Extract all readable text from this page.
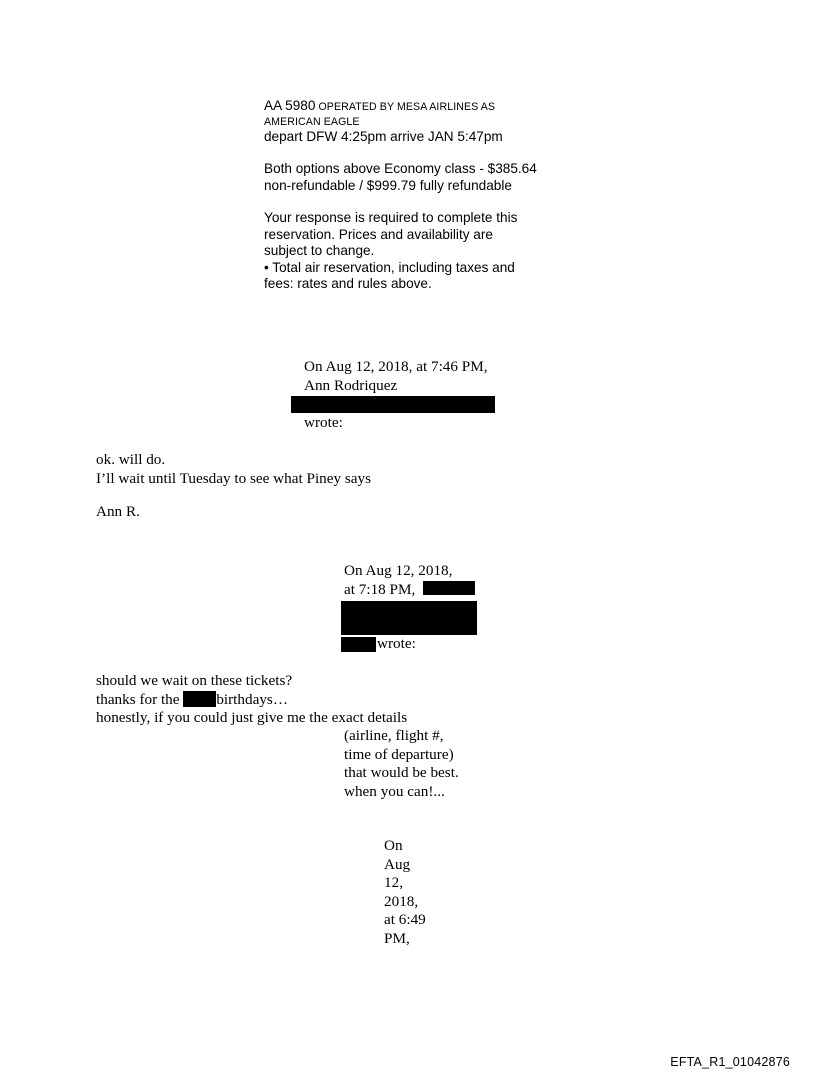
AA 5980 OPERATED BY MESA AIRLINES AS
AMERICAN EAGLE
depart DFW 4:25pm arrive JAN 5:47pm
Both options above Economy class - $385.64
non-refundable / $999.79 fully refundable
Your response is required to complete this
reservation. Prices and availability are
subject to change.
• Total air reservation, including taxes and
fees: rates and rules above.
On Aug 12, 2018, at 7:46 PM,
Ann Rodriquez
wrote:
ok. will do.
I’ll wait until Tuesday to see what Piney says
Ann R.
On Aug 12, 2018,
at 7:18 PM,
wrote:
should we wait on these tickets?
thanks for the birthdays…
honestly, if you could just give me the exact details
(airline, flight #,
time of departure)
that would be best.
when you can!...
On
Aug
12,
2018,
at 6:49
PM,
EFTA_R1_01042876
